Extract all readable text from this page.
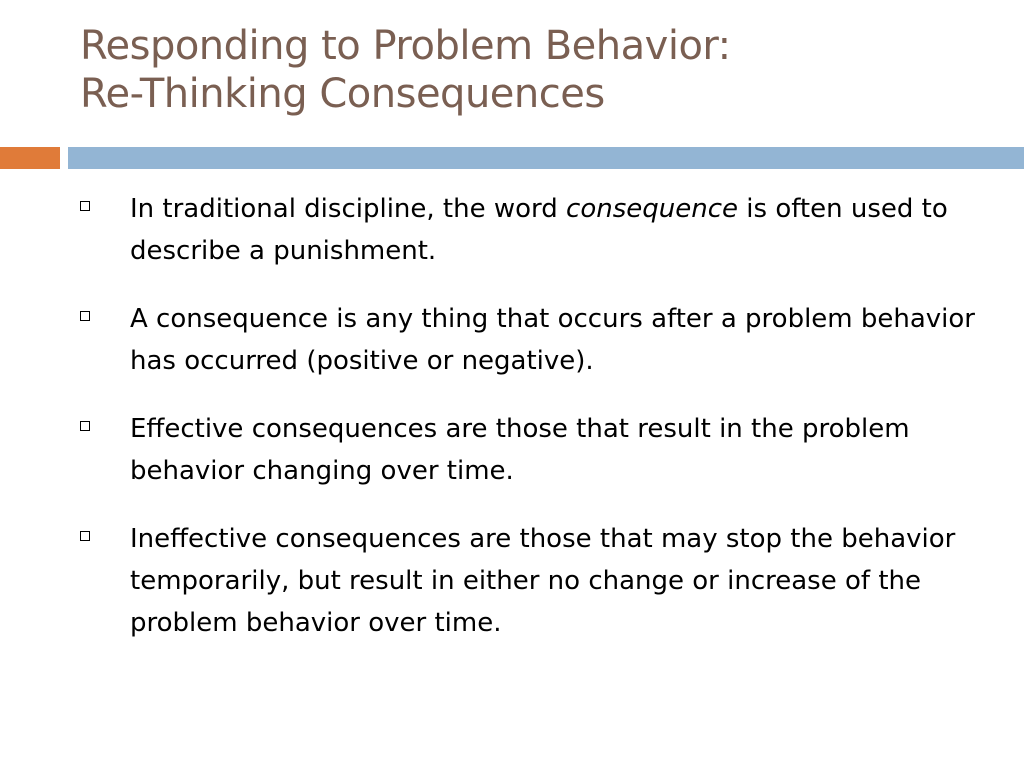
Responding to Problem Behavior:
Re-Thinking Consequences
In traditional discipline, the word consequence is often used to describe a punishment.
A consequence is any thing that occurs after a problem behavior has occurred (positive or negative).
Effective consequences are those that result in the problem behavior changing over time.
Ineffective consequences are those that may stop the behavior temporarily, but result in either no change or increase of the problem behavior over time.
